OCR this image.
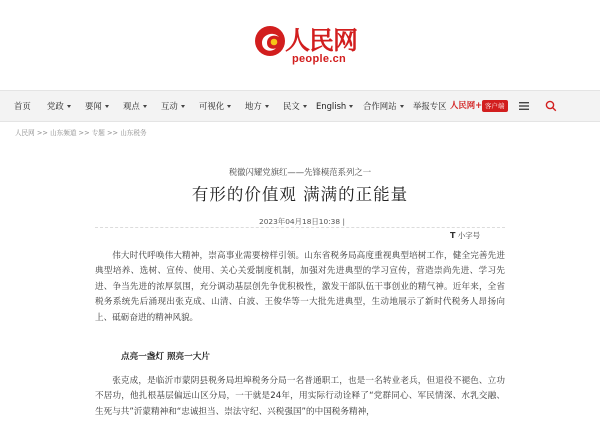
人民网
people.cn
首页 党政	要闻	观点	互动	可视化	地方	民文	English	合作网站	举报专区 人民网+ 客户端
人民网 >> 山东频道 >> 专题 >> 山东税务
税徽闪耀党旗红——先锋模范系列之一
有形的价值观 满满的正能量
2023年04月18日10:38 |
T 小字号

伟大时代呼唤伟大精神，崇高事业需要榜样引领。山东省税务局高度重视典型培树工作，健全完善先进典型培养、选树、宣传、使用、关心关爱制度机制，加强对先进典型的学习宣传，营造崇尚先进、学习先进、争当先进的浓厚氛围，充分调动基层创先争优积极性，激发干部队伍干事创业的精气神。近年来，全省税务系统先后涌现出张克成、山清、白波、王俊华等一大批先进典型，生动地展示了新时代税务人昂扬向上、砥砺奋进的精神风貌。

点亮一盏灯 照亮一大片

张克成，是临沂市蒙阴县税务局坦埠税务分局一名普通职工，也是一名转业老兵，但退役不褪色、立功不居功，他扎根基层偏远山区分局，一干就是24年，用实际行动诠释了“党群同心、军民情深、水乳交融、生死与共”沂蒙精神和“忠诚担当、崇法守纪、兴税强国”的中国税务精神，
